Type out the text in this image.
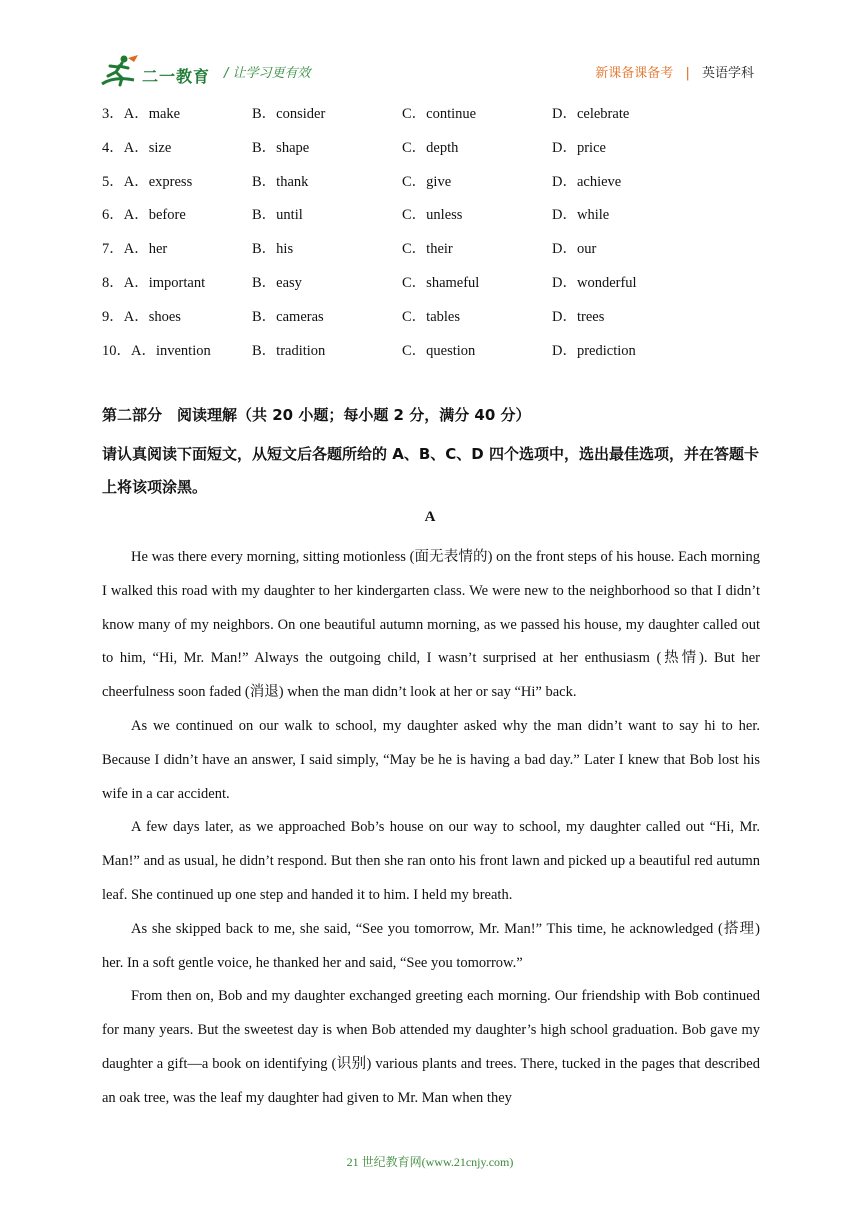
二一教育 / 让学习更有效	新课备课备考 | 英语学科
3．A．make	B．consider	C．continue	D．celebrate
4．A．size	B．shape	C．depth	D．price
5．A．express	B．thank	C．give	D．achieve
6．A．before	B．until	C．unless	D．while
7．A．her	B．his	C．their	D．our
8．A．important	B．easy	C．shameful	D．wonderful
9．A．shoes	B．cameras	C．tables	D．trees
10．A．invention	B．tradition	C．question	D．prediction
第二部分　阅读理解（共 20 小题；每小题 2 分，满分 40 分）
请认真阅读下面短文，从短文后各题所给的 A、B、C、D 四个选项中，选出最佳选项，并在答题卡上将该项涂黑。
A

He was there every morning, sitting motionless (面无表情的) on the front steps of his house. Each morning I walked this road with my daughter to her kindergarten class. We were new to the neighborhood so that I didn’t know many of my neighbors. On one beautiful autumn morning, as we passed his house, my daughter called out to him, “Hi, Mr. Man!” Always the outgoing child, I wasn’t surprised at her enthusiasm (热情). But her cheerfulness soon faded (消退) when the man didn’t look at her or say “Hi” back.

As we continued on our walk to school, my daughter asked why the man didn’t want to say hi to her. Because I didn’t have an answer, I said simply, “May be he is having a bad day.” Later I knew that Bob lost his wife in a car accident.

A few days later, as we approached Bob’s house on our way to school, my daughter called out “Hi, Mr. Man!” and as usual, he didn’t respond. But then she ran onto his front lawn and picked up a beautiful red autumn leaf. She continued up one step and handed it to him. I held my breath.

As she skipped back to me, she said, “See you tomorrow, Mr. Man!” This time, he acknowledged (搭理) her. In a soft gentle voice, he thanked her and said, “See you tomorrow.”

From then on, Bob and my daughter exchanged greeting each morning. Our friendship with Bob continued for many years. But the sweetest day is when Bob attended my daughter’s high school graduation. Bob gave my daughter a gift—a book on identifying (识别) various plants and trees. There, tucked in the pages that described an oak tree, was the leaf my daughter had given to Mr. Man when they

21 世纪教育网(www.21cnjy.com)
